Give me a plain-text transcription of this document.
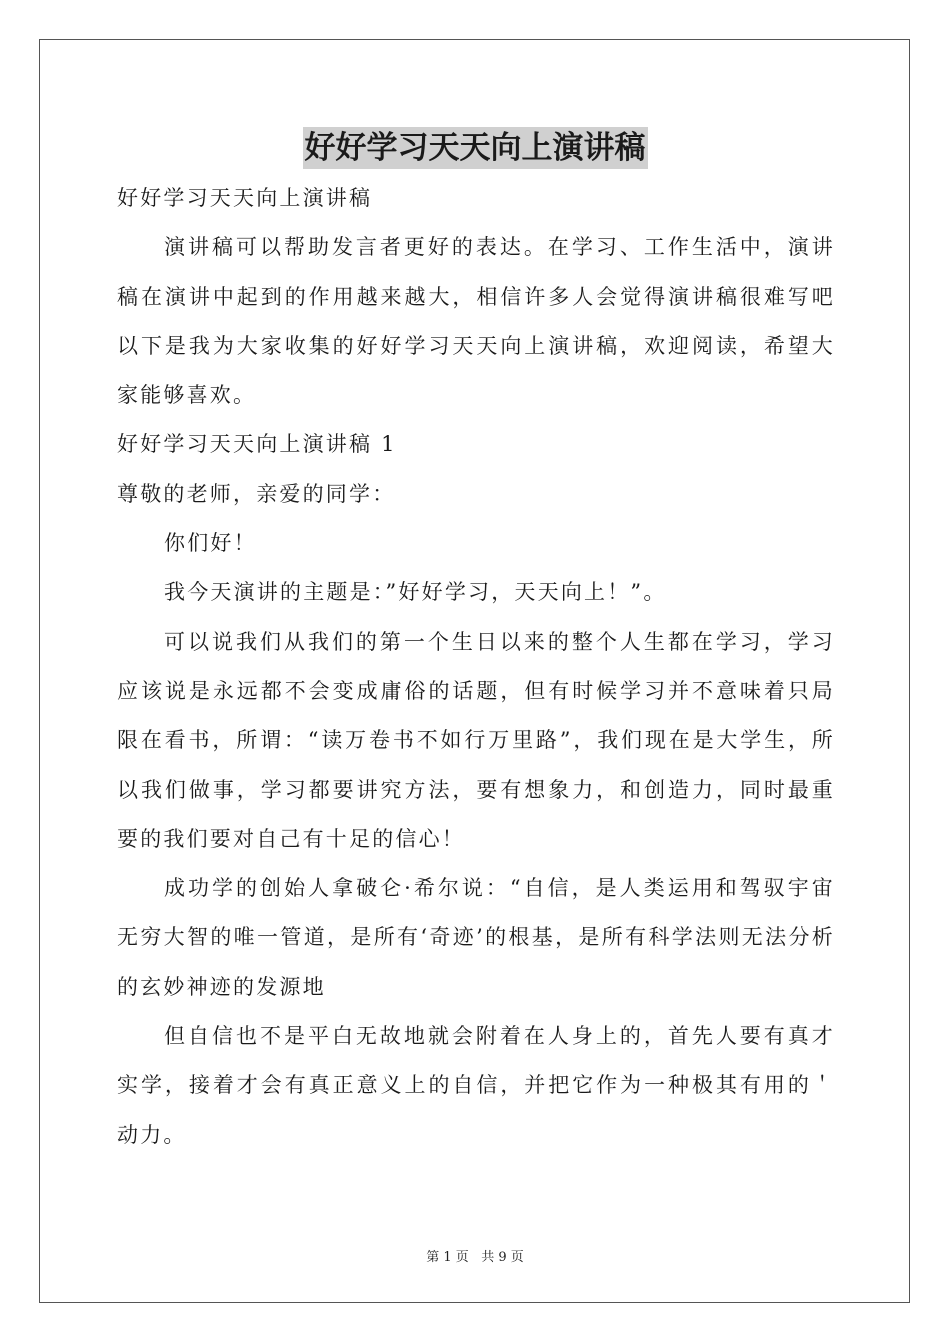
好好学习天天向上演讲稿

好好学习天天向上演讲稿

演讲稿可以帮助发言者更好的表达。在学习、工作生活中，演讲稿在演讲中起到的作用越来越大，相信许多人会觉得演讲稿很难写吧以下是我为大家收集的好好学习天天向上演讲稿，欢迎阅读，希望大家能够喜欢。

好好学习天天向上演讲稿 1

尊敬的老师，亲爱的同学：

你们好！

我今天演讲的主题是：”好好学习，天天向上！”。

可以说我们从我们的第一个生日以来的整个人生都在学习，学习应该说是永远都不会变成庸俗的话题，但有时候学习并不意味着只局限在看书，所谓：“读万卷书不如行万里路”，我们现在是大学生，所以我们做事，学习都要讲究方法，要有想象力，和创造力，同时最重要的我们要对自己有十足的信心！

成功学的创始人拿破仑·希尔说：“自信，是人类运用和驾驭宇宙无穷大智的唯一管道，是所有‘奇迹’的根基，是所有科学法则无法分析的玄妙神迹的发源地

但自信也不是平白无故地就会附着在人身上的，首先人要有真才实学，接着才会有真正意义上的自信，并把它作为一种极其有用的＇动力。

第 1 页 共 9 页
